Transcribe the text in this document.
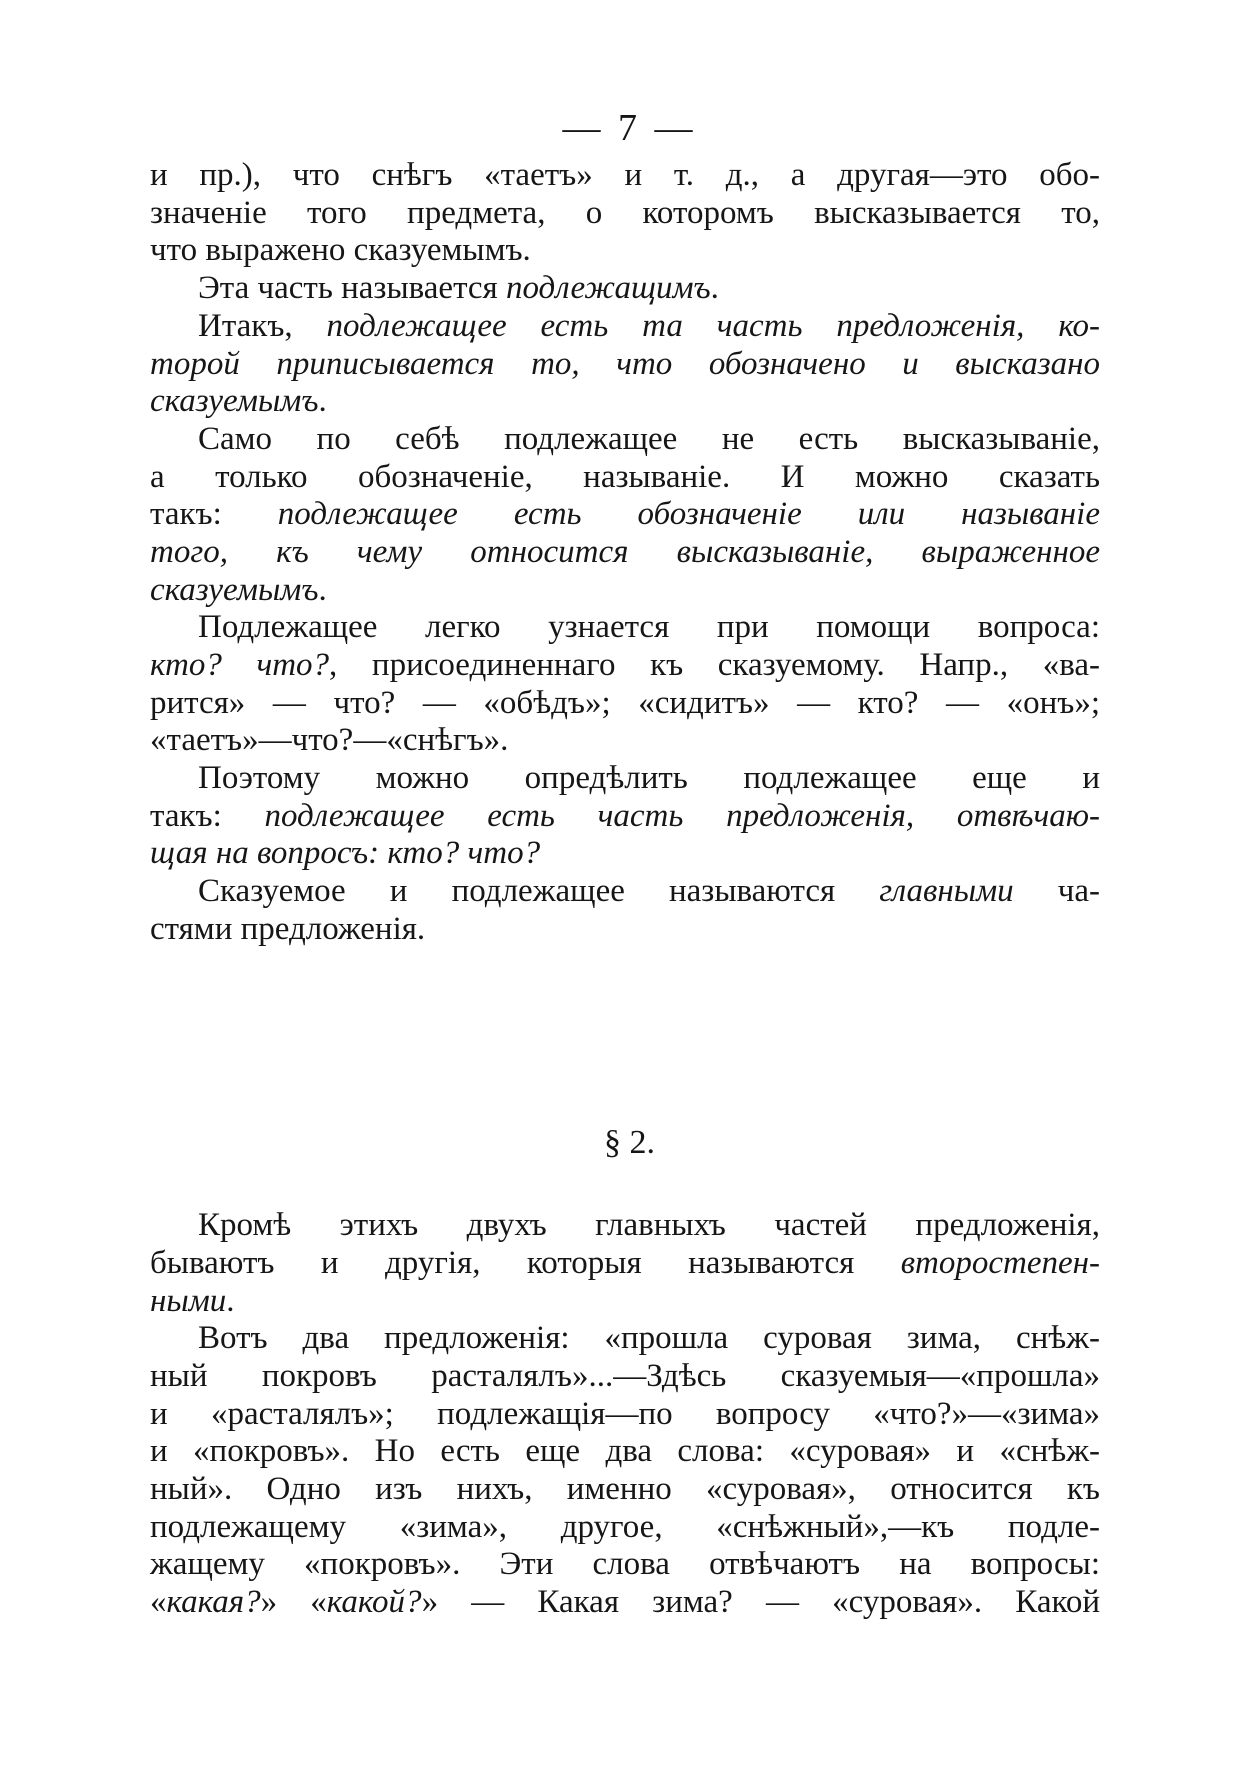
— 7 —
и пр.), что снѣгъ «таетъ» и т. д., а другая—это обо-
значеніе того предмета, о которомъ высказывается то,
что выражено сказуемымъ.
Эта часть называется подлежащимъ.
Итакъ, подлежащее есть та часть предложенія, ко-
торой приписывается то, что обозначено и высказано
сказуемымъ.
Само по себѣ подлежащее не есть высказываніе,
а только обозначеніе, называніе. И можно сказать
такъ: подлежащее есть обозначеніе или называніе
того, къ чему относится высказываніе, выраженное
сказуемымъ.
Подлежащее легко узнается при помощи вопроса:
кто? что?, присоединеннаго къ сказуемому. Напр., «ва-
рится» — что? — «обѣдъ»; «сидитъ» — кто? — «онъ»;
«таетъ»—что?—«снѣгъ».
Поэтому можно опредѣлить подлежащее еще и
такъ: подлежащее есть часть предложенія, отвѣчаю-
щая на вопросъ: кто? что?
Сказуемое и подлежащее называются главными ча-
стями предложенія.
§ 2.
Кромѣ этихъ двухъ главныхъ частей предложенія,
бываютъ и другія, которыя называются второстепен-
ными.
Вотъ два предложенія: «прошла суровая зима, снѣж-
ный покровъ расталялъ»...—Здѣсь сказуемыя—«прошла»
и «расталялъ»; подлежащія—по вопросу «что?»—«зима»
и «покровъ». Но есть еще два слова: «суровая» и «снѣж-
ный». Одно изъ нихъ, именно «суровая», относится къ
подлежащему «зима», другое, «снѣжный»,—къ подле-
жащему «покровъ». Эти слова отвѣчаютъ на вопросы:
«какая?» «какой?» — Какая зима? — «суровая». Какой
